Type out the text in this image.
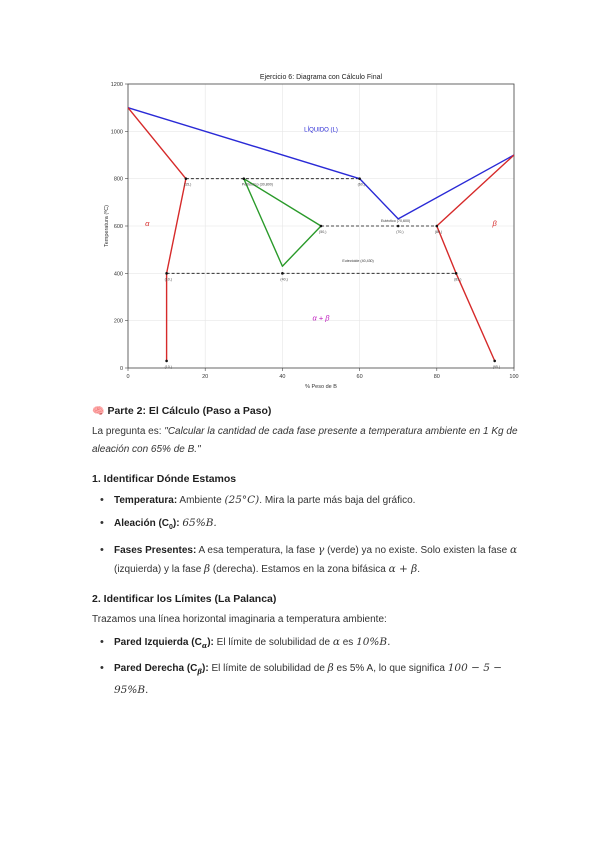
0	20	40	60	80	100
0
200
400
600
800
1000
1200
Ejercicio 6: Diagrama con Cálculo Final
% Peso de B
Temperatura (ºC)
(15,)	Peritéctico (30,800)	(60,)
(50,)	(70,)	(80,)
(10,)	(40,)	(85,)
(10,)	(95,)
Eutéctico (70,600)
Eutectoide (40,430)
LÍQUIDO (L)
α	β
α + β

🧠 Parte 2: El Cálculo (Paso a Paso)

La pregunta es: "Calcular la cantidad de cada fase presente a temperatura ambiente en 1 Kg de aleación con 65% de B."

1. Identificar Dónde Estamos

• Temperatura: Ambiente (25°C). Mira la parte más baja del gráfico.
• Aleación $(C_0)$: 65%B.
• Fases Presentes: A esa temperatura, la fase γ (verde) ya no existe. Solo existen la fase α (izquierda) y la fase β (derecha). Estamos en la zona bifásica α + β.

2. Identificar los Límites (La Palanca)

Trazamos una línea horizontal imaginaria a temperatura ambiente:

• Pared Izquierda $(C_\alpha)$: El límite de solubilidad de α es 10%B.
• Pared Derecha $(C_\beta)$: El límite de solubilidad de β es 5% A, lo que significa 100 − 5 −
95%B.
